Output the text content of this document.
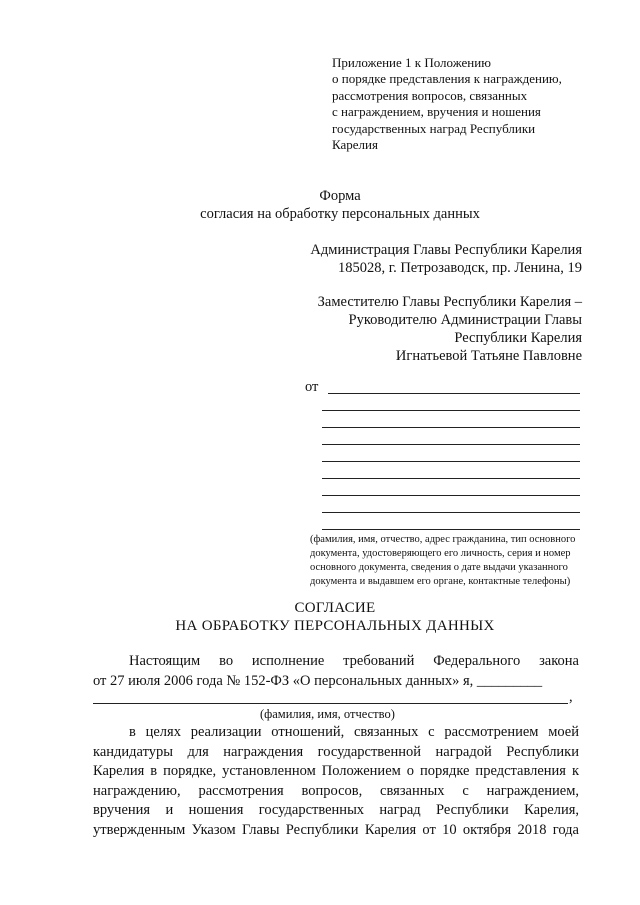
Приложение 1 к Положению
о порядке представления к награждению,
рассмотрения вопросов, связанных
с награждением, вручения и ношения
государственных наград Республики
Карелия
Форма
согласия на обработку персональных данных
Администрация Главы Республики Карелия
185028, г. Петрозаводск, пр. Ленина, 19
Заместителю Главы Республики Карелия –
Руководителю Администрации Главы
Республики Карелия
Игнатьевой Татьяне Павловне
от
(фамилия, имя, отчество, адрес гражданина, тип основного
документа, удостоверяющего его личность, серия и номер
основного документа, сведения о дате выдачи указанного
документа и выдавшем его органе, контактные телефоны)
СОГЛАСИЕ
НА ОБРАБОТКУ ПЕРСОНАЛЬНЫХ ДАННЫХ
Настоящим во исполнение требований Федерального закона
от 27 июля 2006 года № 152-ФЗ «О персональных данных» я, _________
,
(фамилия, имя, отчество)
в целях реализации отношений, связанных с рассмотрением моей
кандидатуры для награждения государственной наградой Республики
Карелия в порядке, установленном Положением о порядке представления к
награждению, рассмотрения вопросов, связанных с награждением,
вручения и ношения государственных наград Республики Карелия,
утвержденным Указом Главы Республики Карелия от 10 октября 2018 года
